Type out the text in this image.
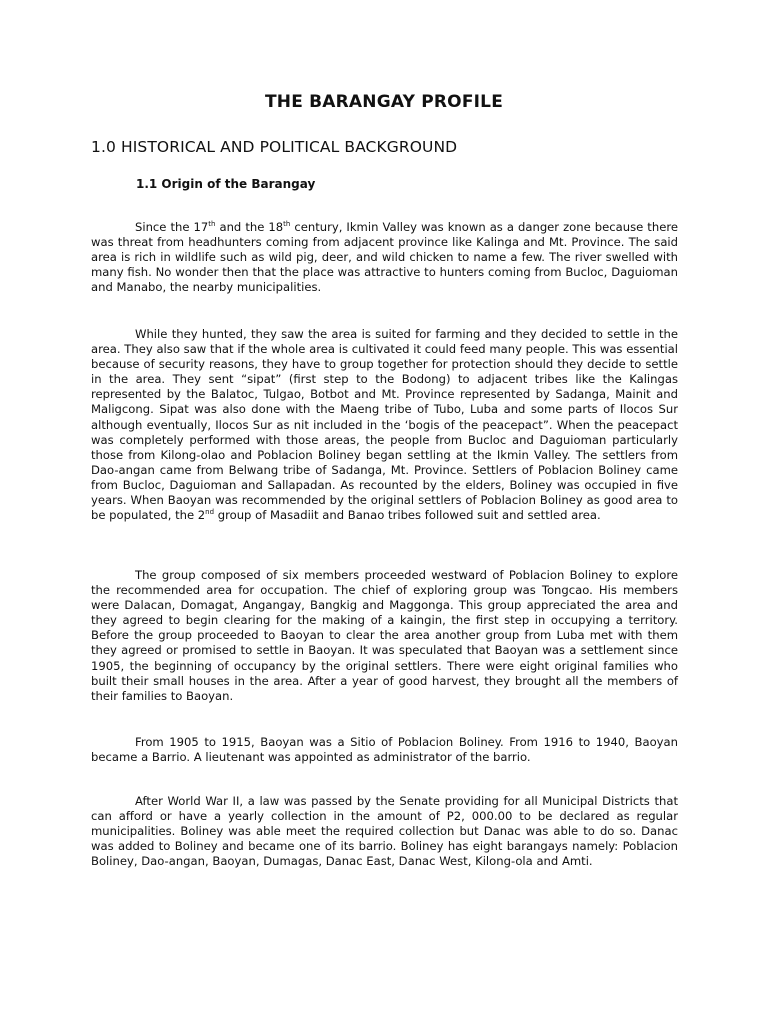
THE BARANGAY PROFILE
1.0 HISTORICAL AND POLITICAL BACKGROUND
1.1 Origin of the Barangay

Since the 17th and the 18th century, Ikmin Valley was known as a danger zone because there was threat from headhunters coming from adjacent province like Kalinga and Mt. Province. The said area is rich in wildlife such as wild pig, deer, and wild chicken to name a few. The river swelled with many fish. No wonder then that the place was attractive to hunters coming from Bucloc, Daguioman and Manabo, the nearby municipalities.

While they hunted, they saw the area is suited for farming and they decided to settle in the area. They also saw that if the whole area is cultivated it could feed many people. This was essential because of security reasons, they have to group together for protection should they decide to settle in the area. They sent “sipat” (first step to the Bodong) to adjacent tribes like the Kalingas represented by the Balatoc, Tulgao, Botbot and Mt. Province represented by Sadanga, Mainit and Maligcong. Sipat was also done with the Maeng tribe of Tubo, Luba and some parts of Ilocos Sur although eventually, Ilocos Sur as nit included in the ‘bogis of the peacepact”. When the peacepact was completely performed with those areas, the people from Bucloc and Daguioman particularly those from Kilong-olao and Poblacion Boliney began settling at the Ikmin Valley. The settlers from Dao-angan came from Belwang tribe of Sadanga, Mt. Province. Settlers of Poblacion Boliney came from Bucloc, Daguioman and Sallapadan. As recounted by the elders, Boliney was occupied in five years. When Baoyan was recommended by the original settlers of Poblacion Boliney as good area to be populated, the 2nd group of Masadiit and Banao tribes followed suit and settled area.

The group composed of six members proceeded westward of Poblacion Boliney to explore the recommended area for occupation. The chief of exploring group was Tongcao. His members were Dalacan, Domagat, Angangay, Bangkig and Maggonga. This group appreciated the area and they agreed to begin clearing for the making of a kaingin, the first step in occupying a territory. Before the group proceeded to Baoyan to clear the area another group from Luba met with them they agreed or promised to settle in Baoyan. It was speculated that Baoyan was a settlement since 1905, the beginning of occupancy by the original settlers. There were eight original families who built their small houses in the area. After a year of good harvest, they brought all the members of their families to Baoyan.

From 1905 to 1915, Baoyan was a Sitio of Poblacion Boliney. From 1916 to 1940, Baoyan became a Barrio. A lieutenant was appointed as administrator of the barrio.

After World War II, a law was passed by the Senate providing for all Municipal Districts that can afford or have a yearly collection in the amount of P2, 000.00 to be declared as regular municipalities. Boliney was able meet the required collection but Danac was able to do so. Danac was added to Boliney and became one of its barrio. Boliney has eight barangays namely: Poblacion Boliney, Dao-angan, Baoyan, Dumagas, Danac East, Danac West, Kilong-ola and Amti.
